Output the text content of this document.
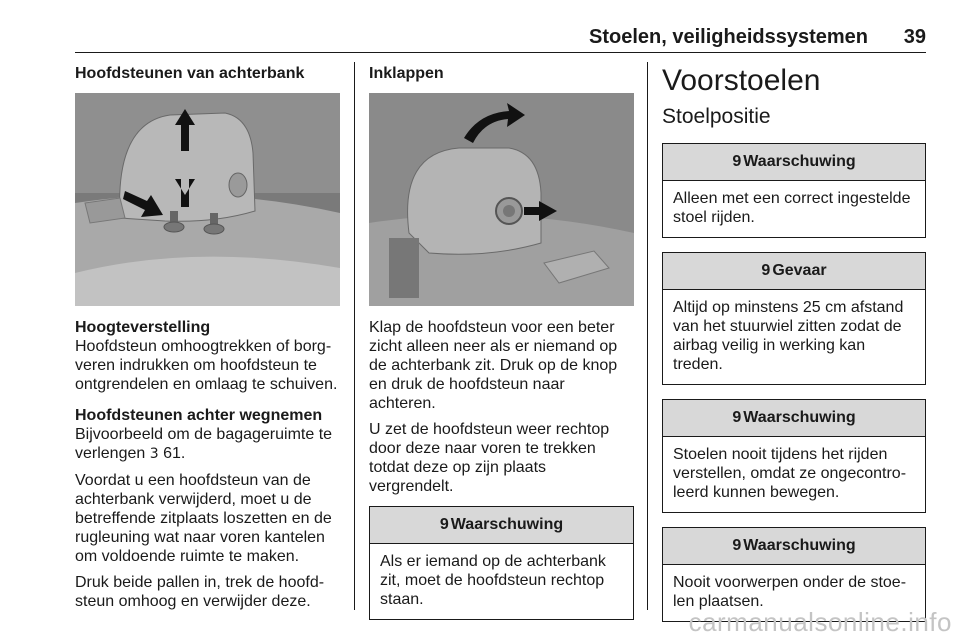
Stoelen, veiligheidssystemen 39
Hoofdsteunen van achterbank
Hoogteverstelling

Hoofdsteun omhoogtrekken of borg-veren indrukken om hoofdsteun te ontgrendelen en omlaag te schuiven.

Hoofdsteunen achter wegnemen

Bijvoorbeeld om de bagageruimte te verlengen 3 61.

Voordat u een hoofdsteun van de achterbank verwijderd, moet u de betreffende zitplaats loszetten en de rugleuning wat naar voren kantelen om voldoende ruimte te maken.

Druk beide pallen in, trek de hoofd-steun omhoog en verwijder deze.

Inklappen

Klap de hoofdsteun voor een beter zicht alleen neer als er niemand op de achterbank zit. Druk op de knop en druk de hoofdsteun naar achteren.

U zet de hoofdsteun weer rechtop door deze naar voren te trekken totdat deze op zijn plaats vergrendelt.

9 Waarschuwing
Als er iemand op de achterbank zit, moet de hoofdsteun rechtop staan.
Voorstoelen
Stoelpositie
9 Waarschuwing
Alleen met een correct ingestelde stoel rijden.
9 Gevaar
Altijd op minstens 25 cm afstand van het stuurwiel zitten zodat de airbag veilig in werking kan treden.
9 Waarschuwing
Stoelen nooit tijdens het rijden verstellen, omdat ze ongecontro-leerd kunnen bewegen.
9 Waarschuwing
Nooit voorwerpen onder de stoe-len plaatsen.
carmanualsonline.info
